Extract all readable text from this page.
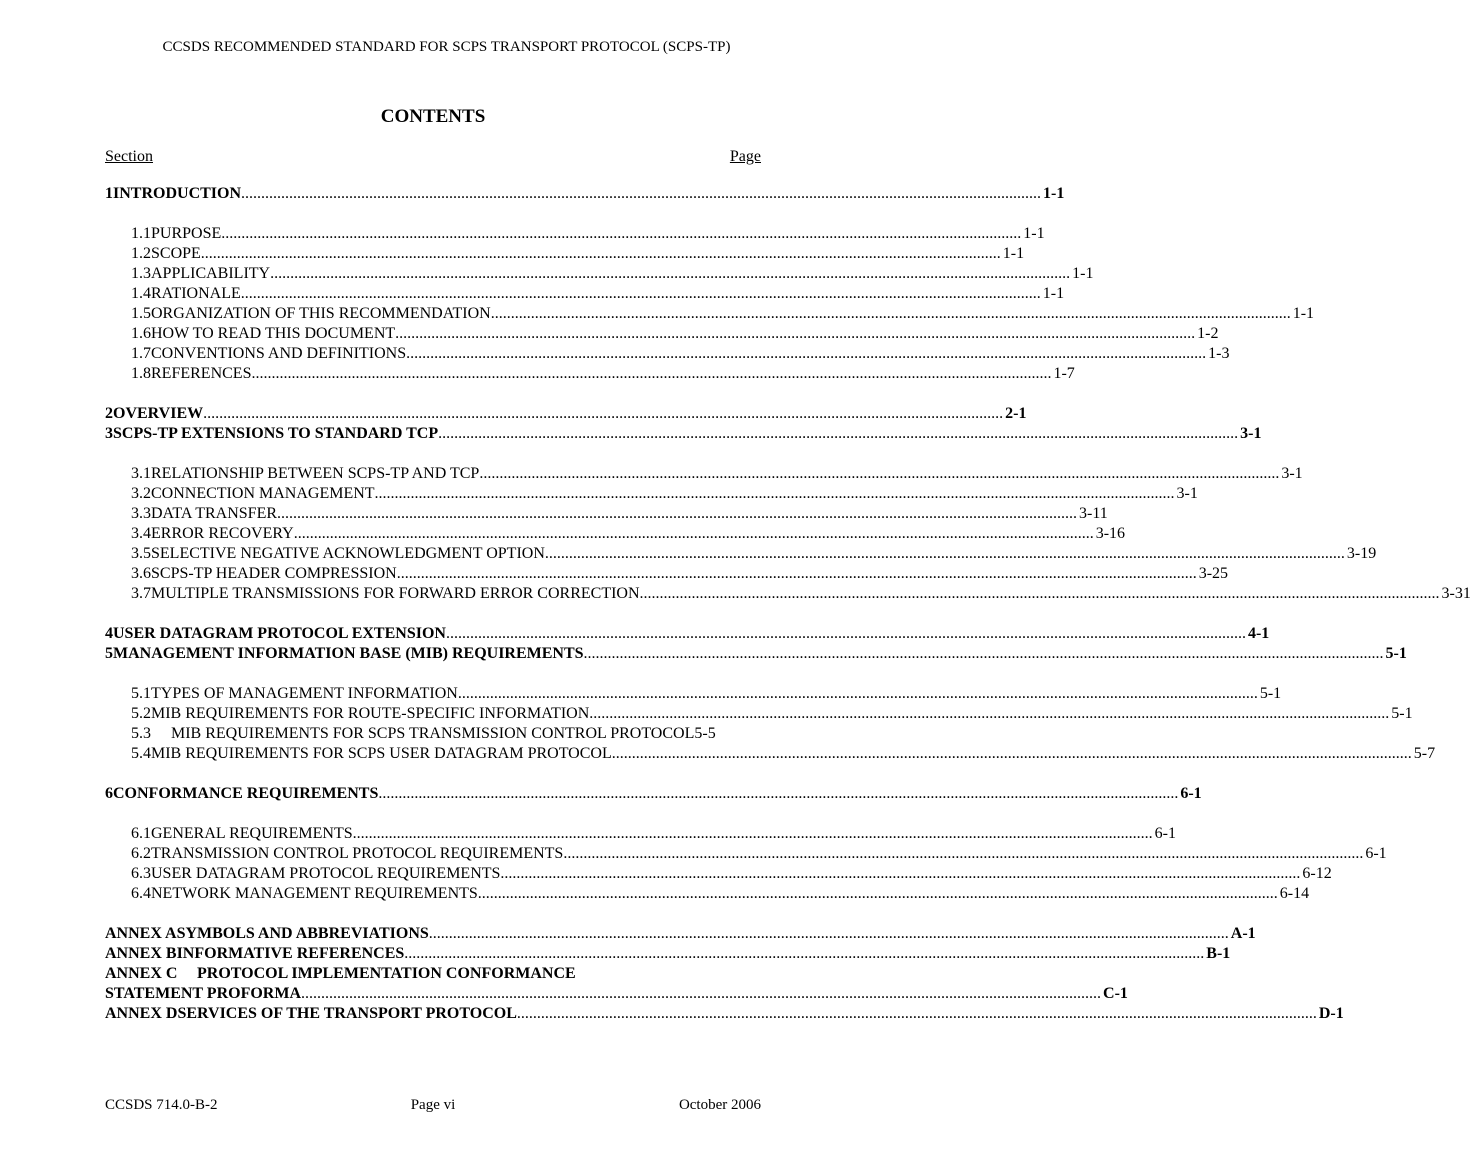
CCSDS RECOMMENDED STANDARD FOR SCPS TRANSPORT PROTOCOL (SCPS-TP)
CONTENTS
Section	Page
1 INTRODUCTION .....	1-1
1.1 PURPOSE .....	1-1
1.2 SCOPE .....	1-1
1.3 APPLICABILITY .....	1-1
1.4 RATIONALE .....	1-1
1.5 ORGANIZATION OF THIS RECOMMENDATION .....	1-1
1.6 HOW TO READ THIS DOCUMENT .....	1-2
1.7 CONVENTIONS AND DEFINITIONS .....	1-3
1.8 REFERENCES .....	1-7
2 OVERVIEW .....	2-1
3 SCPS-TP EXTENSIONS TO STANDARD TCP .....	3-1
3.1 RELATIONSHIP BETWEEN SCPS-TP AND TCP .....	3-1
3.2 CONNECTION MANAGEMENT .....	3-1
3.3 DATA TRANSFER .....	3-11
3.4 ERROR RECOVERY .....	3-16
3.5 SELECTIVE NEGATIVE ACKNOWLEDGMENT OPTION .....	3-19
3.6 SCPS-TP HEADER COMPRESSION .....	3-25
3.7 MULTIPLE TRANSMISSIONS FOR FORWARD ERROR CORRECTION .....	3-31
4 USER DATAGRAM PROTOCOL EXTENSION .....	4-1
5 MANAGEMENT INFORMATION BASE (MIB) REQUIREMENTS .....	5-1
5.1 TYPES OF MANAGEMENT INFORMATION .....	5-1
5.2 MIB REQUIREMENTS FOR ROUTE-SPECIFIC INFORMATION .....	5-1
5.3	MIB REQUIREMENTS FOR SCPS TRANSMISSION CONTROL PROTOCOL 5-5
5.4 MIB REQUIREMENTS FOR SCPS USER DATAGRAM PROTOCOL .....	5-7
6 CONFORMANCE REQUIREMENTS .....	6-1
6.1 GENERAL REQUIREMENTS .....	6-1
6.2 TRANSMISSION CONTROL PROTOCOL REQUIREMENTS .....	6-1
6.3 USER DATAGRAM PROTOCOL REQUIREMENTS .....	6-12
6.4 NETWORK MANAGEMENT REQUIREMENTS .....	6-14
ANNEX A SYMBOLS AND ABBREVIATIONS .....	A-1
ANNEX B INFORMATIVE REFERENCES .....	B-1
ANNEX C	PROTOCOL IMPLEMENTATION CONFORMANCE
STATEMENT PROFORMA .....	C-1
ANNEX D SERVICES OF THE TRANSPORT PROTOCOL .....	D-1
CCSDS 714.0-B-2	Page vi	October 2006
